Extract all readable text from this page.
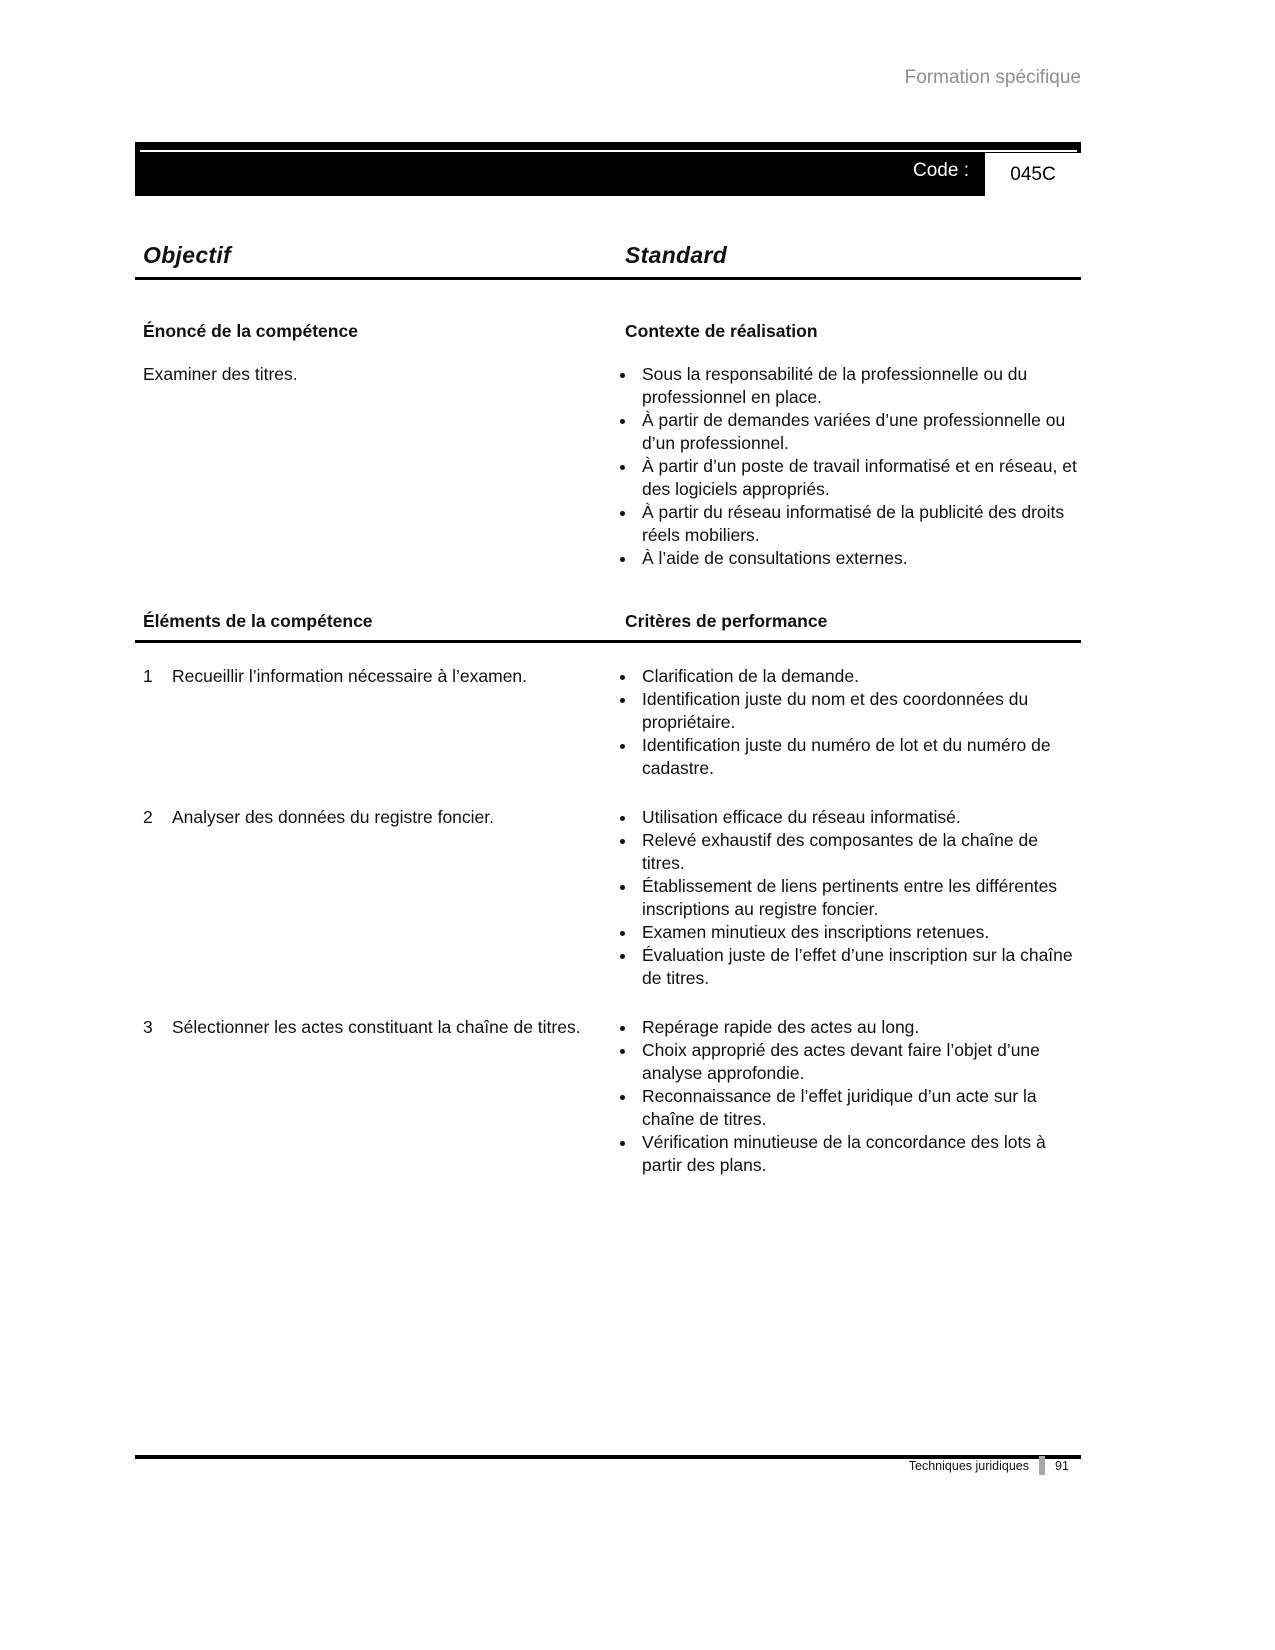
Formation spécifique
Code :	045C
Objectif	Standard
Énoncé de la compétence	Contexte de réalisation
Examiner des titres.	• Sous la responsabilité de la professionnelle ou du professionnel en place.
• À partir de demandes variées d’une professionnelle ou d’un professionnel.
• À partir d’un poste de travail informatisé et en réseau, et des logiciels appropriés.
• À partir du réseau informatisé de la publicité des droits réels mobiliers.
• À l’aide de consultations externes.
Éléments de la compétence	Critères de performance
1	Recueillir l’information nécessaire à l’examen.	• Clarification de la demande.
• Identification juste du nom et des coordonnées du propriétaire.
• Identification juste du numéro de lot et du numéro de cadastre.
2	Analyser des données du registre foncier.	• Utilisation efficace du réseau informatisé.
• Relevé exhaustif des composantes de la chaîne de titres.
• Établissement de liens pertinents entre les différentes inscriptions au registre foncier.
• Examen minutieux des inscriptions retenues.
• Évaluation juste de l’effet d’une inscription sur la chaîne de titres.
3	Sélectionner les actes constituant la chaîne de titres.	• Repérage rapide des actes au long.
• Choix approprié des actes devant faire l’objet d’une analyse approfondie.
• Reconnaissance de l’effet juridique d’un acte sur la chaîne de titres.
• Vérification minutieuse de la concordance des lots à partir des plans.
Techniques juridiques 91
